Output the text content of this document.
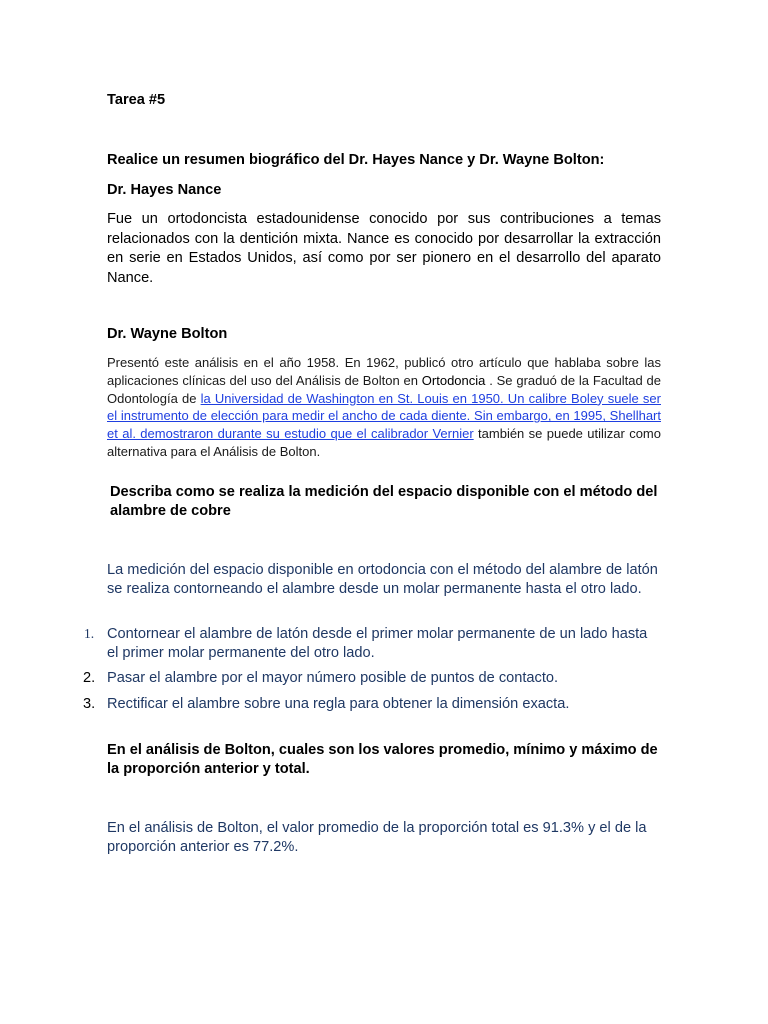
Tarea #5

Realice un resumen biográfico del Dr. Hayes Nance y Dr. Wayne Bolton:

Dr. Hayes Nance

Fue un ortodoncista estadounidense conocido por sus contribuciones a temas relacionados con la dentición mixta. Nance es conocido por desarrollar la extracción en serie en Estados Unidos, así como por ser pionero en el desarrollo del aparato Nance.

Dr. Wayne Bolton

Presentó este análisis en el año 1958. En 1962, publicó otro artículo que hablaba sobre las aplicaciones clínicas del uso del Análisis de Bolton en Ortodoncia . Se graduó de la Facultad de Odontología de la Universidad de Washington en St. Louis en 1950. Un calibre Boley suele ser el instrumento de elección para medir el ancho de cada diente. Sin embargo, en 1995, Shellhart et al. demostraron durante su estudio que el calibrador Vernier también se puede utilizar como alternativa para el Análisis de Bolton.

Describa como se realiza la medición del espacio disponible con el método del alambre de cobre

La medición del espacio disponible en ortodoncia con el método del alambre de latón se realiza contorneando el alambre desde un molar permanente hasta el otro lado.

1. Contornear el alambre de latón desde el primer molar permanente de un lado hasta el primer molar permanente del otro lado.
2. Pasar el alambre por el mayor número posible de puntos de contacto.
3. Rectificar el alambre sobre una regla para obtener la dimensión exacta.

En el análisis de Bolton, cuales son los valores promedio, mínimo y máximo de la proporción anterior y total.

En el análisis de Bolton, el valor promedio de la proporción total es 91.3% y el de la proporción anterior es 77.2%.
